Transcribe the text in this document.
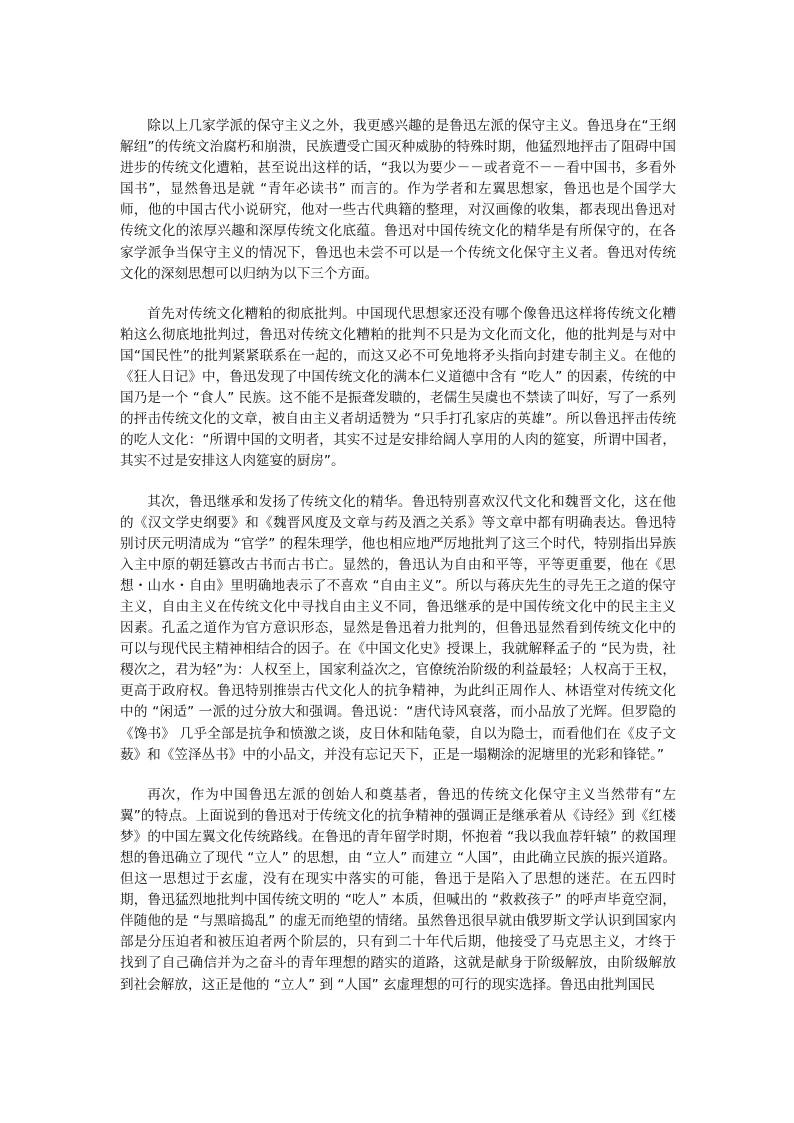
除以上几家学派的保守主义之外，我更感兴趣的是鲁迅左派的保守主义。鲁迅身在“王纲解纽”的传统文治腐朽和崩溃，民族遭受亡国灭种威胁的特殊时期，他猛烈地抨击了阻碍中国进步的传统文化遭粕，甚至说出这样的话，“我以为要少－－或者竟不－－看中国书，多看外国书”，显然鲁迅是就 “青年必读书” 而言的。作为学者和左翼思想家，鲁迅也是个国学大师，他的中国古代小说研究，他对一些古代典籍的整理，对汉画像的收集，都表现出鲁迅对传统文化的浓厚兴趣和深厚传统文化底蕴。鲁迅对中国传统文化的精华是有所保守的，在各家学派争当保守主义的情况下，鲁迅也未尝不可以是一个传统文化保守主义者。鲁迅对传统文化的深刻思想可以归纳为以下三个方面。

首先对传统文化糟粕的彻底批判。中国现代思想家还没有哪个像鲁迅这样将传统文化糟粕这么彻底地批判过，鲁迅对传统文化糟粕的批判不只是为文化而文化，他的批判是与对中国“国民性”的批判紧紧联系在一起的，而这又必不可免地将矛头指向封建专制主义。在他的《狂人日记》中，鲁迅发现了中国传统文化的满本仁义道德中含有 “吃人” 的因素，传统的中国乃是一个 “食人” 民族。这不能不是振聋发聩的，老儒生吴虞也不禁读了叫好，写了一系列的抨击传统文化的文章，被自由主义者胡适赞为 “只手打孔家店的英雄”。所以鲁迅抨击传统的吃人文化：“所谓中国的文明者，其实不过是安排给阔人享用的人肉的筵宴，所谓中国者，其实不过是安排这人肉筵宴的厨房”。

其次，鲁迅继承和发扬了传统文化的精华。鲁迅特别喜欢汉代文化和魏晋文化，这在他的《汉文学史纲要》和《魏晋风度及文章与药及酒之关系》等文章中都有明确表达。鲁迅特别讨厌元明清成为 “官学” 的程朱理学，他也相应地严厉地批判了这三个时代，特别指出异族入主中原的朝廷篡改古书而古书亡。显然的，鲁迅认为自由和平等，平等更重要，他在《思想・山水・自由》里明确地表示了不喜欢 “自由主义”。所以与蒋庆先生的寻先王之道的保守主义，自由主义在传统文化中寻找自由主义不同，鲁迅继承的是中国传统文化中的民主主义因素。孔孟之道作为官方意识形态，显然是鲁迅着力批判的，但鲁迅显然看到传统文化中的可以与现代民主精神相结合的因子。在《中国文化史》授课上，我就解释孟子的 “民为贵，社稷次之，君为轻”为：人权至上，国家利益次之，官僚统治阶级的利益最轻；人权高于王权，更高于政府权。鲁迅特别推崇古代文化人的抗争精神，为此纠正周作人、林语堂对传统文化中的 “闲适” 一派的过分放大和强调。鲁迅说：“唐代诗风衰落，而小品放了光辉。但罗隐的《馋书》 几乎全部是抗争和愤激之谈，皮日休和陆龟蒙，自以为隐士，而看他们在《皮子文薮》和《笠泽丛书》中的小品文，并没有忘记天下，正是一塌糊涂的泥塘里的光彩和锋铓。”

再次，作为中国鲁迅左派的创始人和奠基者，鲁迅的传统文化保守主义当然带有“左翼”的特点。上面说到的鲁迅对于传统文化的抗争精神的强调正是继承着从《诗经》到《红楼梦》的中国左翼文化传统路线。在鲁迅的青年留学时期，怀抱着 “我以我血荐轩辕” 的救国理想的鲁迅确立了现代 “立人” 的思想，由 “立人” 而建立 “人国”，由此确立民族的振兴道路。但这一思想过于玄虚，没有在现实中落实的可能，鲁迅于是陷入了思想的迷茫。在五四时期，鲁迅猛烈地批判中国传统文明的 “吃人” 本质，但喊出的 “救救孩子” 的呼声毕竟空洞，伴随他的是 “与黑暗捣乱” 的虚无而绝望的情绪。虽然鲁迅很早就由俄罗斯文学认识到国家内部是分压迫者和被压迫者两个阶层的，只有到二十年代后期，他接受了马克思主义，才终于找到了自己确信并为之奋斗的青年理想的踏实的道路，这就是献身于阶级解放，由阶级解放到社会解放，这正是他的 “立人” 到 “人国” 玄虚理想的可行的现实选择。鲁迅由批判国民
